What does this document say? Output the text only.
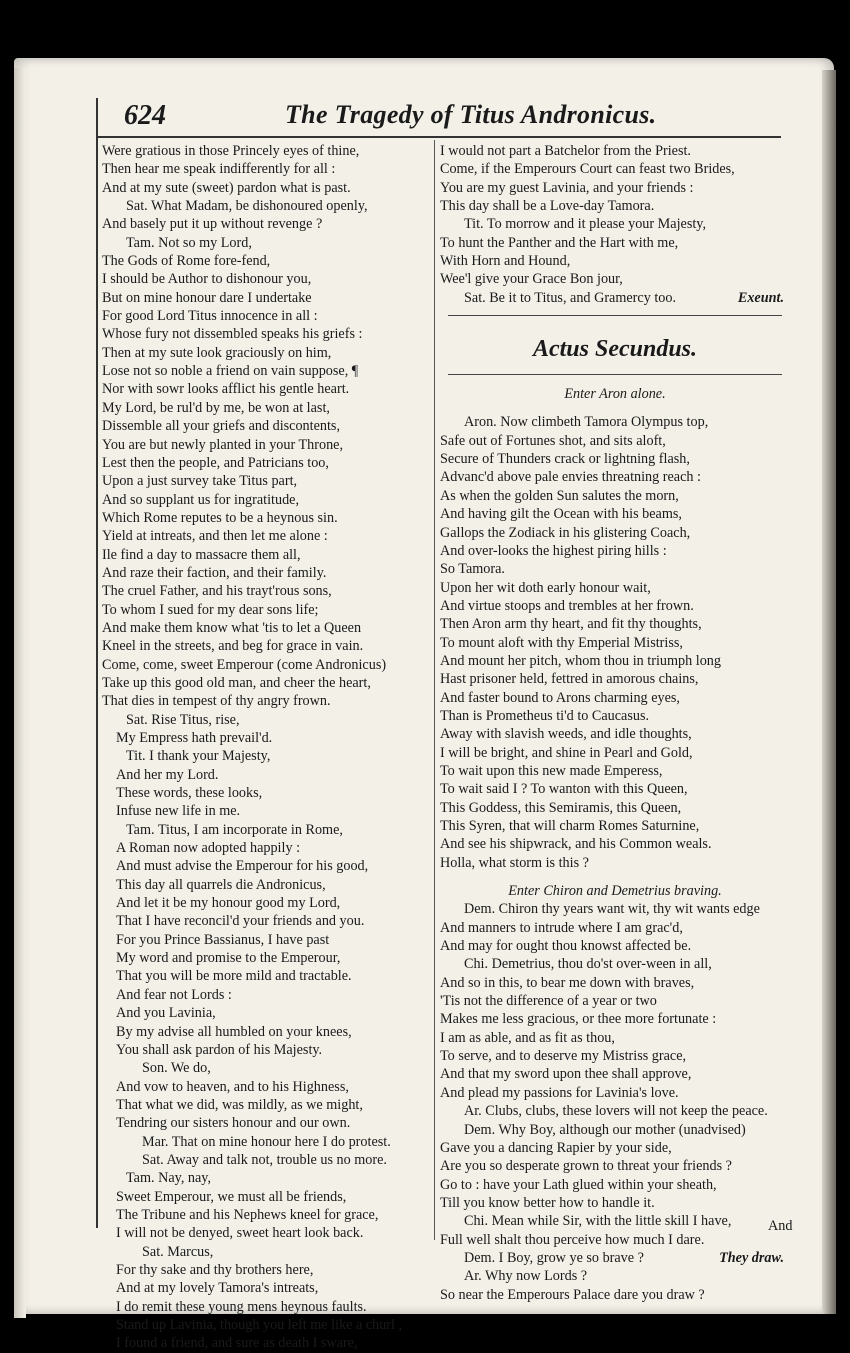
624	The Tragedy of Titus Andronicus.
Were gratious in those Princely eyes of thine,
Then hear me speak indifferently for all :
And at my sute (sweet) pardon what is past.
Sat. What Madam, be dishonoured openly,
And basely put it up without revenge ?
Tam. Not so my Lord,
The Gods of Rome fore-fend,
I should be Author to dishonour you,
But on mine honour dare I undertake
For good Lord Titus innocence in all :
Whose fury not dissembled speaks his griefs :
Then at my sute look graciously on him,
Lose not so noble a friend on vain suppose, ¶
Nor with sowr looks afflict his gentle heart.
My Lord, be rul'd by me, be won at last,
Dissemble all your griefs and discontents,
You are but newly planted in your Throne,
Lest then the people, and Patricians too,
Upon a just survey take Titus part,
And so supplant us for ingratitude,
Which Rome reputes to be a heynous sin.
Yield at intreats, and then let me alone :
Ile find a day to massacre them all,
And raze their faction, and their family.
The cruel Father, and his trayt'rous sons,
To whom I sued for my dear sons life;
And make them know what 'tis to let a Queen
Kneel in the streets, and beg for grace in vain.
Come, come, sweet Emperour (come Andronicus)
Take up this good old man, and cheer the heart,
That dies in tempest of thy angry frown.
Sat. Rise Titus, rise,
My Empress hath prevail'd.
Tit. I thank your Majesty,
And her my Lord.
These words, these looks,
Infuse new life in me.
Tam. Titus, I am incorporate in Rome,
A Roman now adopted happily :
And must advise the Emperour for his good,
This day all quarrels die Andronicus,
And let it be my honour good my Lord,
That I have reconcil'd your friends and you.
For you Prince Bassianus, I have past
My word and promise to the Emperour,
That you will be more mild and tractable.
And fear not Lords :
And you Lavinia,
By my advise all humbled on your knees,
You shall ask pardon of his Majesty.
Son. We do,
And vow to heaven, and to his Highness,
That what we did, was mildly, as we might,
Tendring our sisters honour and our own.
Mar. That on mine honour here I do protest.
Sat. Away and talk not, trouble us no more.
Tam. Nay, nay,
Sweet Emperour, we must all be friends,
The Tribune and his Nephews kneel for grace,
I will not be denyed, sweet heart look back.
Sat. Marcus,
For thy sake and thy brothers here,
And at my lovely Tamora's intreats,
I do remit these young mens heynous faults.
Stand up Lavinia, though you left me like a churl ,
I found a friend, and sure as death I sware,
I would not part a Batchelor from the Priest.
Come, if the Emperours Court can feast two Brides,
You are my guest Lavinia, and your friends :
This day shall be a Love-day Tamora.
Tit. To morrow and it please your Majesty,
To hunt the Panther and the Hart with me,
With Horn and Hound,
Wee'l give your Grace Bon jour,
Sat. Be it to Titus, and Gramercy too.	Exeunt.
Actus Secundus.
Enter Aron alone.
Aron. Now climbeth Tamora Olympus top,
Safe out of Fortunes shot, and sits aloft,
Secure of Thunders crack or lightning flash,
Advanc'd above pale envies threatning reach :
As when the golden Sun salutes the morn,
And having gilt the Ocean with his beams,
Gallops the Zodiack in his glistering Coach,
And over-looks the highest piring hills :
So Tamora.
Upon her wit doth early honour wait,
And virtue stoops and trembles at her frown.
Then Aron arm thy heart, and fit thy thoughts,
To mount aloft with thy Emperial Mistriss,
And mount her pitch, whom thou in triumph long
Hast prisoner held, fettred in amorous chains,
And faster bound to Arons charming eyes,
Than is Prometheus ti'd to Caucasus.
Away with slavish weeds, and idle thoughts,
I will be bright, and shine in Pearl and Gold,
To wait upon this new made Emperess,
To wait said I ? To wanton with this Queen,
This Goddess, this Semiramis, this Queen,
This Syren, that will charm Romes Saturnine,
And see his shipwrack, and his Common weals.
Holla, what storm is this ?
Enter Chiron and Demetrius braving.
Dem. Chiron thy years want wit, thy wit wants edge
And manners to intrude where I am grac'd,
And may for ought thou knowst affected be.
Chi. Demetrius, thou do'st over-ween in all,
And so in this, to bear me down with braves,
'Tis not the difference of a year or two
Makes me less gracious, or thee more fortunate :
I am as able, and as fit as thou,
To serve, and to deserve my Mistriss grace,
And that my sword upon thee shall approve,
And plead my passions for Lavinia's love.
Ar. Clubs, clubs, these lovers will not keep the peace.
Dem. Why Boy, although our mother (unadvised)
Gave you a dancing Rapier by your side,
Are you so desperate grown to threat your friends ?
Go to : have your Lath glued within your sheath,
Till you know better how to handle it.
Chi. Mean while Sir, with the little skill I have,
Full well shalt thou perceive how much I dare.
Dem. I Boy, grow ye so brave ?
Ar. Why now Lords ?
So near the Emperours Palace dare you draw ?
They draw.
And
